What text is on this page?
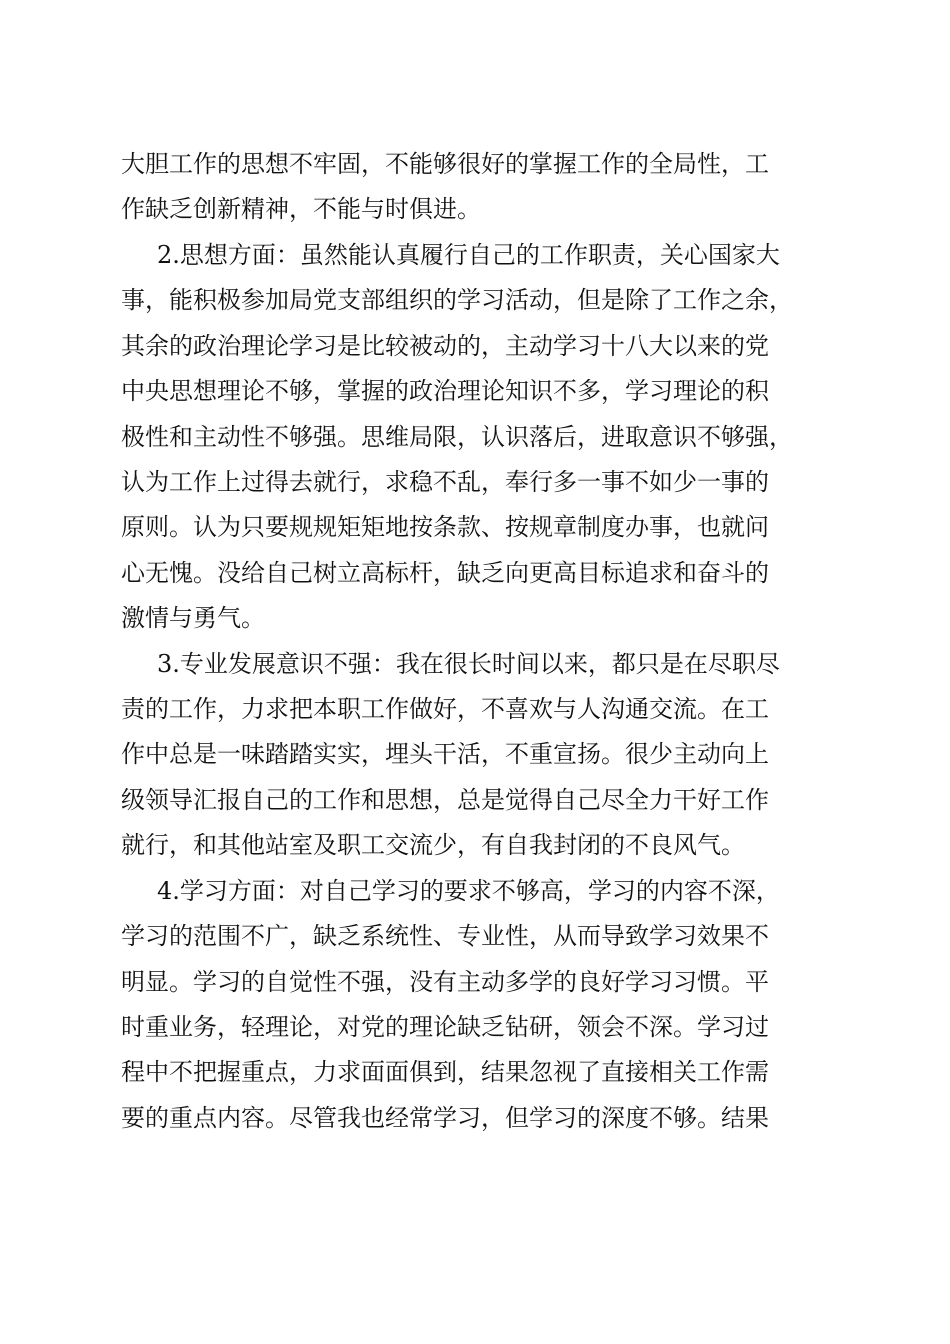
大胆工作的思想不牢固，不能够很好的掌握工作的全局性，工
作缺乏创新精神，不能与时俱进。
2.思想方面：虽然能认真履行自己的工作职责，关心国家大
事，能积极参加局党支部组织的学习活动，但是除了工作之余，
其余的政治理论学习是比较被动的，主动学习十八大以来的党
中央思想理论不够，掌握的政治理论知识不多，学习理论的积
极性和主动性不够强。思维局限，认识落后，进取意识不够强，
认为工作上过得去就行，求稳不乱，奉行多一事不如少一事的
原则。认为只要规规矩矩地按条款、按规章制度办事，也就问
心无愧。没给自己树立高标杆，缺乏向更高目标追求和奋斗的
激情与勇气。
3.专业发展意识不强：我在很长时间以来，都只是在尽职尽
责的工作，力求把本职工作做好，不喜欢与人沟通交流。在工
作中总是一味踏踏实实，埋头干活，不重宣扬。很少主动向上
级领导汇报自己的工作和思想，总是觉得自己尽全力干好工作
就行，和其他站室及职工交流少，有自我封闭的不良风气。
4.学习方面：对自己学习的要求不够高，学习的内容不深，
学习的范围不广，缺乏系统性、专业性，从而导致学习效果不
明显。学习的自觉性不强，没有主动多学的良好学习习惯。平
时重业务，轻理论，对党的理论缺乏钻研，领会不深。学习过
程中不把握重点，力求面面俱到，结果忽视了直接相关工作需
要的重点内容。尽管我也经常学习，但学习的深度不够。结果
